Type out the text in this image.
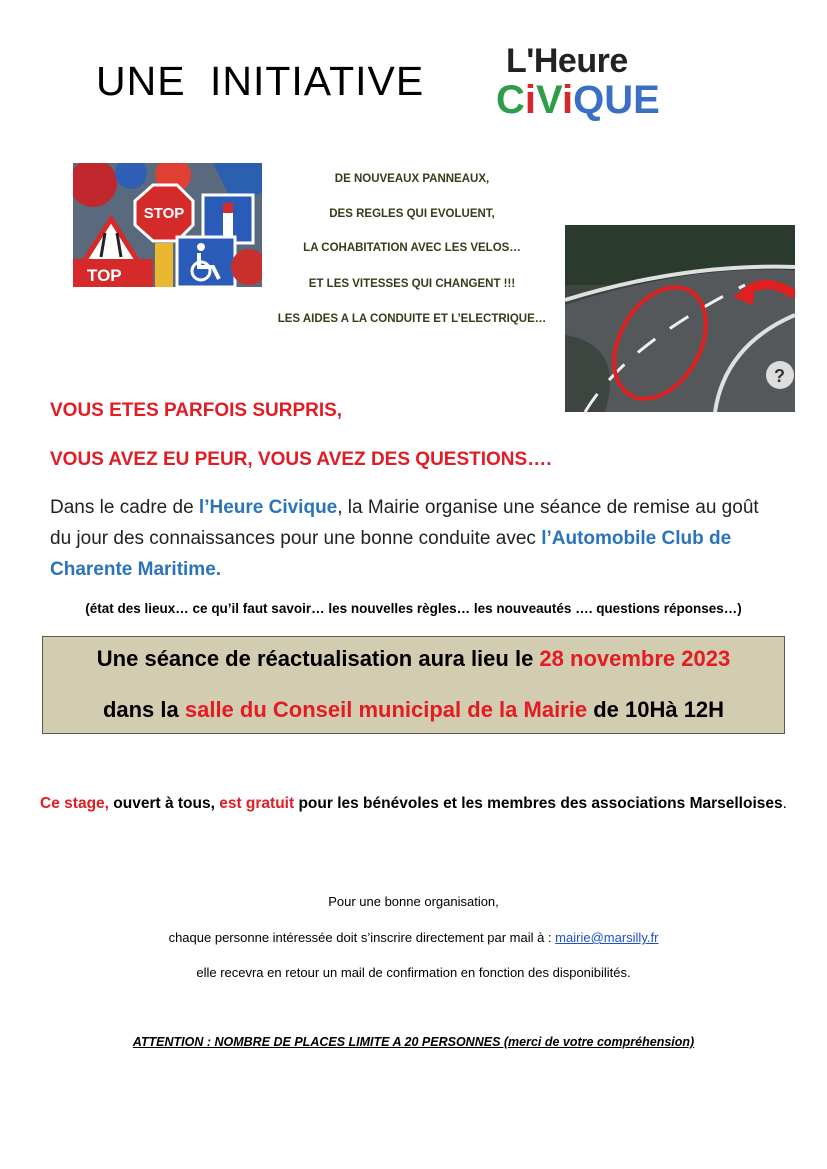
UNE INITIATIVE L'Heure
CiViQUE
STOP
TOP
DE NOUVEAUX PANNEAUX,
DES REGLES QUI EVOLUENT,
LA COHABITATION AVEC LES VELOS…
ET LES VITESSES QUI CHANGENT !!!
LES AIDES A LA CONDUITE ET L’ELECTRIQUE…
?
VOUS ETES PARFOIS SURPRIS,
VOUS AVEZ EU PEUR, VOUS AVEZ DES QUESTIONS….
Dans le cadre de l’Heure Civique, la Mairie organise une séance de remise au goût du jour des connaissances pour une bonne conduite avec l’Automobile Club de Charente Maritime.
(état des lieux… ce qu’il faut savoir… les nouvelles règles… les nouveautés …. questions réponses…)
Une séance de réactualisation aura lieu le 28 novembre 2023
dans la salle du Conseil municipal de la Mairie de 10Hà 12H
Ce stage, ouvert à tous, est gratuit pour les bénévoles et les membres des associations Marselloises.
Pour une bonne organisation,
chaque personne intéressée doit s’inscrire directement par mail à : mairie@marsilly.fr
elle recevra en retour un mail de confirmation en fonction des disponibilités.
ATTENTION : NOMBRE DE PLACES LIMITE A 20 PERSONNES (merci de votre compréhension)
